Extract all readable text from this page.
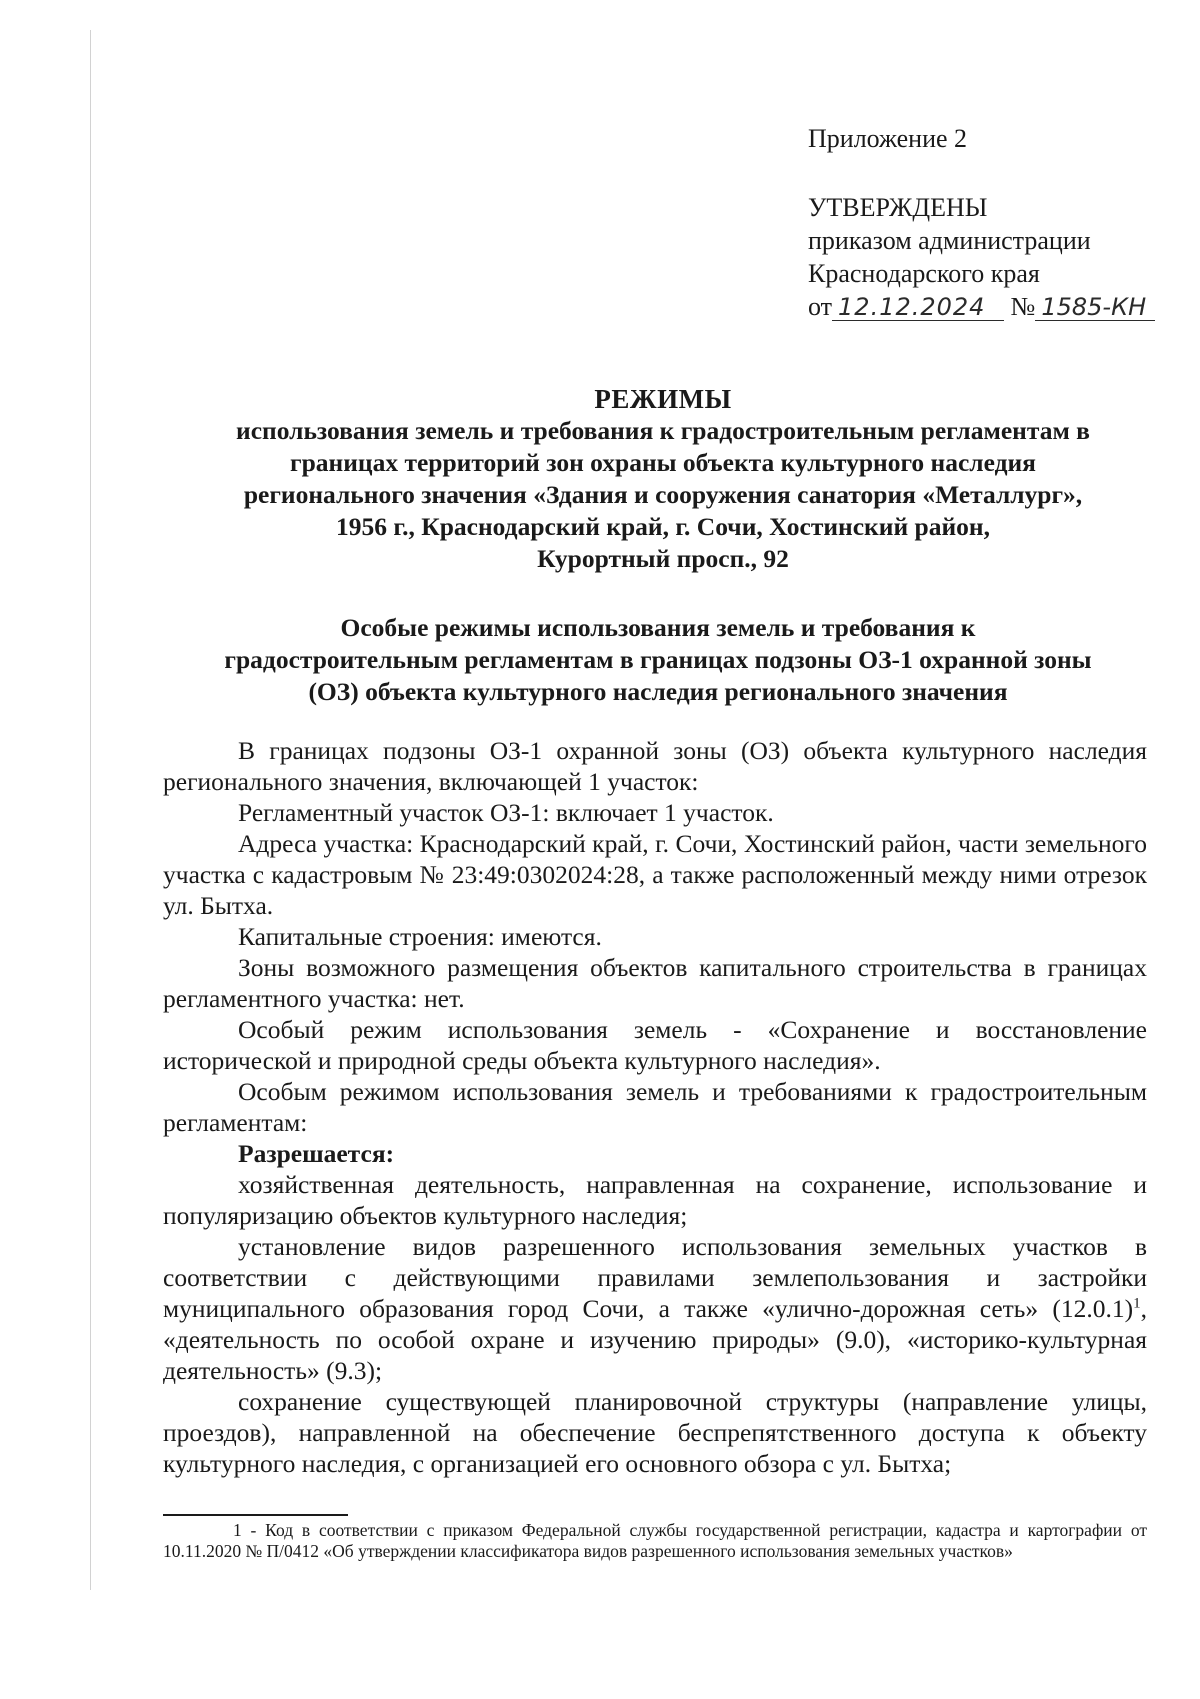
Приложение 2
УТВЕРЖДЕНЫ
приказом администрации
Краснодарского края
от 12.12.2024 № 1585-КН
РЕЖИМЫ
использования земель и требования к градостроительным регламентам в
границах территорий зон охраны объекта культурного наследия
регионального значения «Здания и сооружения санатория «Металлург»,
1956 г., Краснодарский край, г. Сочи, Хостинский район,
Курортный просп., 92
Особые режимы использования земель и требования к
градостроительным регламентам в границах подзоны ОЗ-1 охранной зоны
(ОЗ) объекта культурного наследия регионального значения

В границах подзоны ОЗ-1 охранной зоны (ОЗ) объекта культурного наследия регионального значения, включающей 1 участок:

Регламентный участок ОЗ-1: включает 1 участок.

Адреса участка: Краснодарский край, г. Сочи, Хостинский район, части земельного участка с кадастровым № 23:49:0302024:28, а также расположенный между ними отрезок ул. Бытха.

Капитальные строения: имеются.

Зоны возможного размещения объектов капитального строительства в границах регламентного участка: нет.

Особый режим использования земель - «Сохранение и восстановление исторической и природной среды объекта культурного наследия».

Особым режимом использования земель и требованиями к градостроительным регламентам:

Разрешается:

хозяйственная деятельность, направленная на сохранение, использование и популяризацию объектов культурного наследия;

установление видов разрешенного использования земельных участков в соответствии с действующими правилами землепользования и застройки муниципального образования город Сочи, а также «улично-дорожная сеть» $(12.0.1)^1$, «деятельность по особой охране и изучению природы» (9.0), «историко-культурная деятельность» (9.3);

сохранение существующей планировочной структуры (направление улицы, проездов), направленной на обеспечение беспрепятственного доступа к объекту культурного наследия, с организацией его основного обзора с ул. Бытха;

1 - Код в соответствии с приказом Федеральной службы государственной регистрации, кадастра и картографии от 10.11.2020 № П/0412 «Об утверждении классификатора видов разрешенного использования земельных участков»
